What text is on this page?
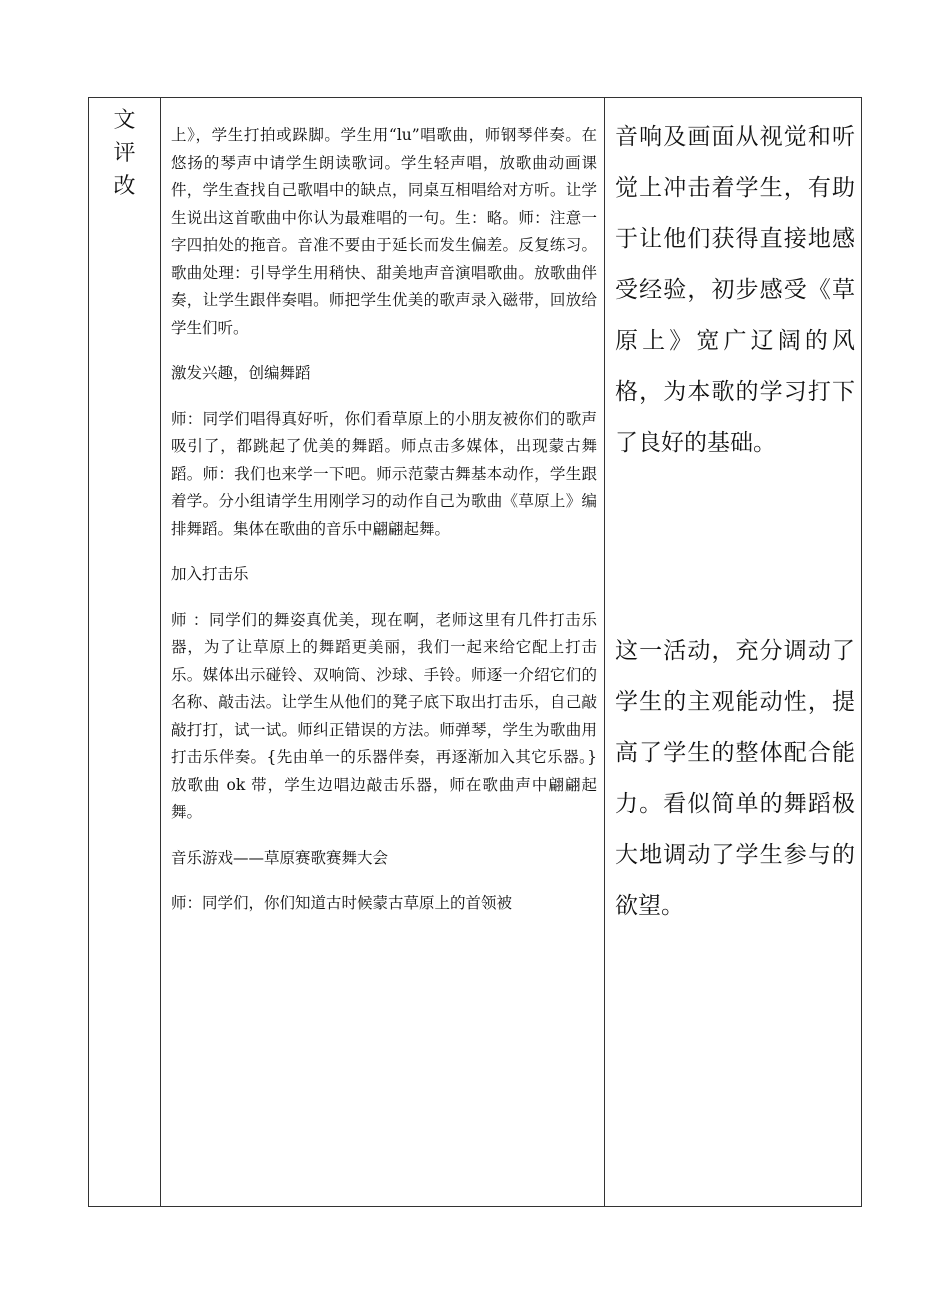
文
评
改

上》，学生打拍或跺脚。学生用“lu”唱歌曲，师钢琴伴奏。在悠扬的琴声中请学生朗读歌词。学生轻声唱，放歌曲动画课件，学生查找自己歌唱中的缺点，同桌互相唱给对方听。让学生说出这首歌曲中你认为最难唱的一句。生：略。师：注意一字四拍处的拖音。音准不要由于延长而发生偏差。反复练习。歌曲处理：引导学生用稍快、甜美地声音演唱歌曲。放歌曲伴奏，让学生跟伴奏唱。师把学生优美的歌声录入磁带，回放给学生们听。

激发兴趣，创编舞蹈

师：同学们唱得真好听，你们看草原上的小朋友被你们的歌声吸引了，都跳起了优美的舞蹈。师点击多媒体，出现蒙古舞蹈。师：我们也来学一下吧。师示范蒙古舞基本动作，学生跟着学。分小组请学生用刚学习的动作自己为歌曲《草原上》编排舞蹈。集体在歌曲的音乐中翩翩起舞。

加入打击乐

师 ：同学们的舞姿真优美，现在啊，老师这里有几件打击乐器，为了让草原上的舞蹈更美丽，我们一起来给它配上打击乐。媒体出示碰铃、双响筒、沙球、手铃。师逐一介绍它们的名称、敲击法。让学生从他们的凳子底下取出打击乐，自己敲敲打打，试一试。师纠正错误的方法。师弹琴，学生为歌曲用打击乐伴奏。{先由单一的乐器伴奏，再逐渐加入其它乐器。}放歌曲 ok 带，学生边唱边敲击乐器，师在歌曲声中翩翩起舞。

音乐游戏——草原赛歌赛舞大会

师：同学们，你们知道古时候蒙古草原上的首领被

音响及画面从视觉和听觉上冲击着学生，有助于让他们获得直接地感受经验，初步感受《草原上》宽广辽阔的风格，为本歌的学习打下了良好的基础。

这一活动，充分调动了学生的主观能动性，提高了学生的整体配合能力。看似简单的舞蹈极大地调动了学生参与的欲望。
